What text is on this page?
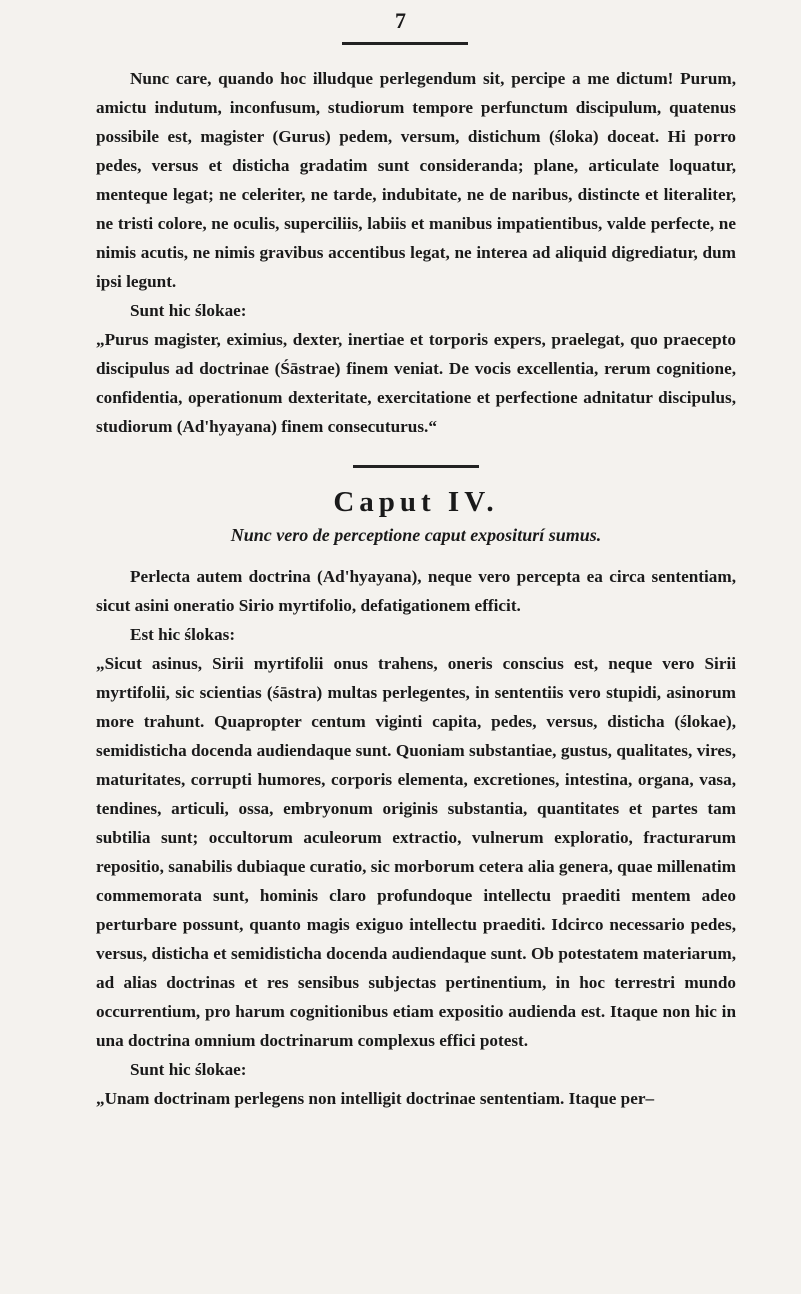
7

Nunc care, quando hoc illudque perlegendum sit, percipe a me dictum! Purum, amictu indutum, inconfusum, studiorum tempore perfunctum discipulum, quatenus possibile est, magister (Gurus) pedem, versum, distichum (śloka) doceat. Hi porro pedes, versus et disticha gradatim sunt consideranda; plane, articulate loquatur, menteque legat; ne celeriter, ne tarde, indubitate, ne de naribus, distincte et literaliter, ne tristi colore, ne oculis, superciliis, labiis et manibus impatientibus, valde perfecte, ne nimis acutis, ne nimis gravibus accentibus legat, ne interea ad aliquid digrediatur, dum ipsi legunt.

Sunt hic ślokae:

„Purus magister, eximius, dexter, inertiae et torporis expers, praelegat, quo praecepto discipulus ad doctrinae (Śāstrae) finem veniat. De vocis excellentia, rerum cognitione, confidentia, operationum dexteritate, exercitatione et perfectione adnitatur discipulus, studiorum (Ad'hyayana) finem consecuturus.“

Caput IV.
Nunc vero de perceptione caput expositurí sumus.

Perlecta autem doctrina (Ad'hyayana), neque vero percepta ea circa sententiam, sicut asini oneratio Sirio myrtifolio, defatigationem efficit.

Est hic ślokas:

„Sicut asinus, Sirii myrtifolii onus trahens, oneris conscius est, neque vero Sirii myrtifolii, sic scientias (śāstra) multas perlegentes, in sententiis vero stupidi, asinorum more trahunt. Quapropter centum viginti capita, pedes, versus, disticha (ślokae), semidisticha docenda audiendaque sunt. Quoniam substantiae, gustus, qualitates, vires, maturitates, corrupti humores, corporis elementa, excretiones, intestina, organa, vasa, tendines, articuli, ossa, embryonum originis substantia, quantitates et partes tam subtilia sunt; occultorum aculeorum extractio, vulnerum exploratio, fracturarum repositio, sanabilis dubiaque curatio, sic morborum cetera alia genera, quae millenatim commemorata sunt, hominis claro profundoque intellectu praediti mentem adeo perturbare possunt, quanto magis exiguo intellectu praediti. Idcirco necessario pedes, versus, disticha et semidisticha docenda audiendaque sunt. Ob potestatem materiarum, ad alias doctrinas et res sensibus subjectas pertinentium, in hoc terrestri mundo occurrentium, pro harum cognitionibus etiam expositio audienda est. Itaque non hic in una doctrina omnium doctrinarum complexus effici potest.

Sunt hic ślokae:

„Unam doctrinam perlegens non intelligit doctrinae sententiam. Itaque per–
